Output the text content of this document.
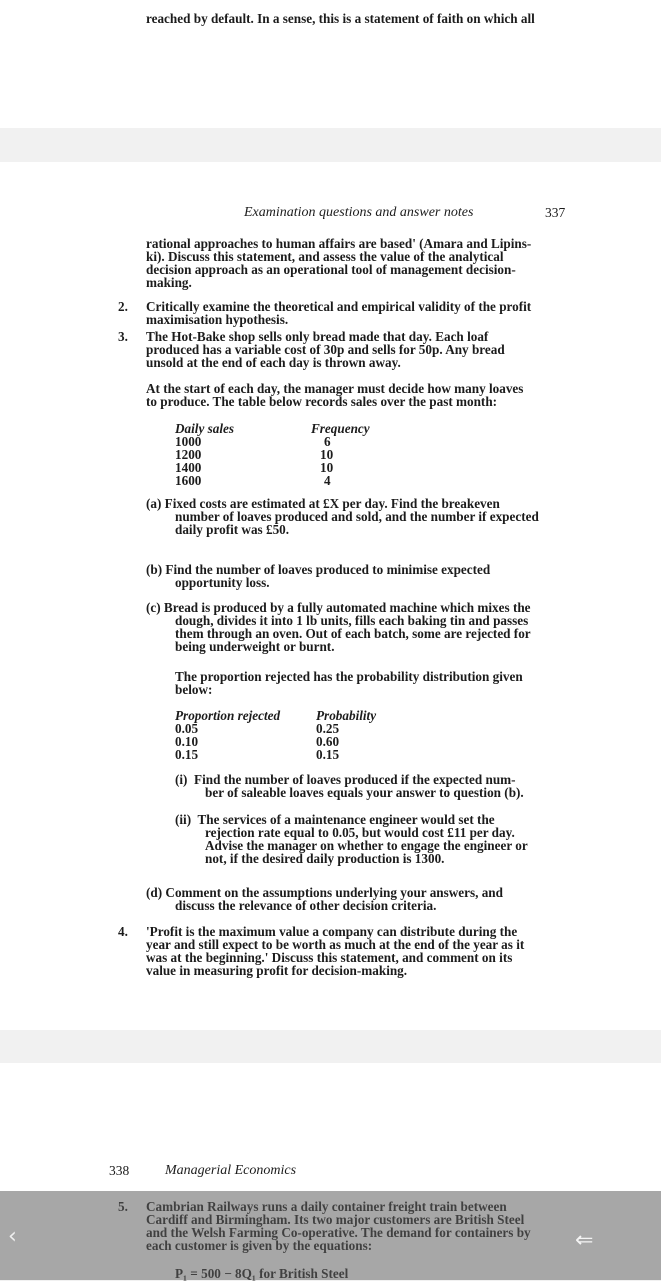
reached by default. In a sense, this is a statement of faith on which all
Examination questions and answer notes	337
rational approaches to human affairs are based' (Amara and Lipins-
ki). Discuss this statement, and assess the value of the analytical
decision approach as an operational tool of management decision-
making.
2. Critically examine the theoretical and empirical validity of the profit
maximisation hypothesis.
3. The Hot-Bake shop sells only bread made that day. Each loaf
produced has a variable cost of 30p and sells for 50p. Any bread
unsold at the end of each day is thrown away.
At the start of each day, the manager must decide how many loaves
to produce. The table below records sales over the past month:
Daily sales	Frequency
1000	6
1200	10
1400	10
1600	4
(a) Fixed costs are estimated at £X per day. Find the breakeven
number of loaves produced and sold, and the number if expected
daily profit was £50.
(b) Find the number of loaves produced to minimise expected
opportunity loss.
(c) Bread is produced by a fully automated machine which mixes the
dough, divides it into 1 lb units, fills each baking tin and passes
them through an oven. Out of each batch, some are rejected for
being underweight or burnt.
The proportion rejected has the probability distribution given
below:
Proportion rejected	Probability
0.05	0.25
0.10	0.60
0.15	0.15
(i)  Find the number of loaves produced if the expected num-
ber of saleable loaves equals your answer to question (b).
(ii)  The services of a maintenance engineer would set the
rejection rate equal to 0.05, but would cost £11 per day.
Advise the manager on whether to engage the engineer or
not, if the desired daily production is 1300.
(d) Comment on the assumptions underlying your answers, and
discuss the relevance of other decision criteria.
4. 'Profit is the maximum value a company can distribute during the
year and still expect to be worth as much at the end of the year as it
was at the beginning.' Discuss this statement, and comment on its
value in measuring profit for decision-making.
338	Managerial Economics
‹	⇐
